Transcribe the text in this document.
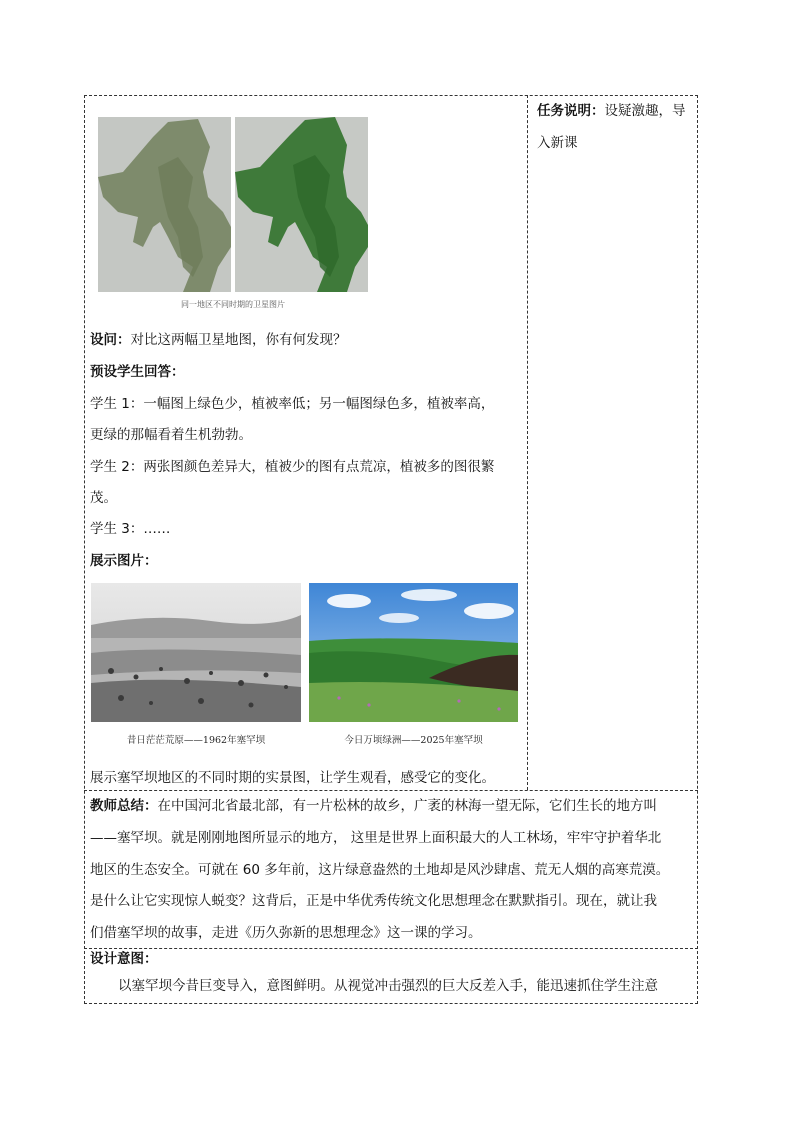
任务说明：设疑激趣，导
入新课
同一地区不同时期的卫星图片
设问：对比这两幅卫星地图，你有何发现？
预设学生回答：
学生 1：一幅图上绿色少，植被率低；另一幅图绿色多，植被率高，
更绿的那幅看着生机勃勃。
学生 2：两张图颜色差异大，植被少的图有点荒凉，植被多的图很繁
茂。
学生 3：……
展示图片：
昔日茫茫荒原——1962年塞罕坝	今日万顷绿洲——2025年塞罕坝
展示塞罕坝地区的不同时期的实景图，让学生观看，感受它的变化。
教师总结：在中国河北省最北部，有一片松林的故乡，广袤的林海一望无际，它们生长的地方叫
——塞罕坝。就是刚刚地图所显示的地方， 这里是世界上面积最大的人工林场，牢牢守护着华北
地区的生态安全。可就在 60 多年前，这片绿意盎然的土地却是风沙肆虐、荒无人烟的高寒荒漠。
是什么让它实现惊人蜕变？这背后，正是中华优秀传统文化思想理念在默默指引。现在，就让我
们借塞罕坝的故事，走进《历久弥新的思想理念》这一课的学习。
设计意图：
以塞罕坝今昔巨变导入，意图鲜明。从视觉冲击强烈的巨大反差入手，能迅速抓住学生注意
